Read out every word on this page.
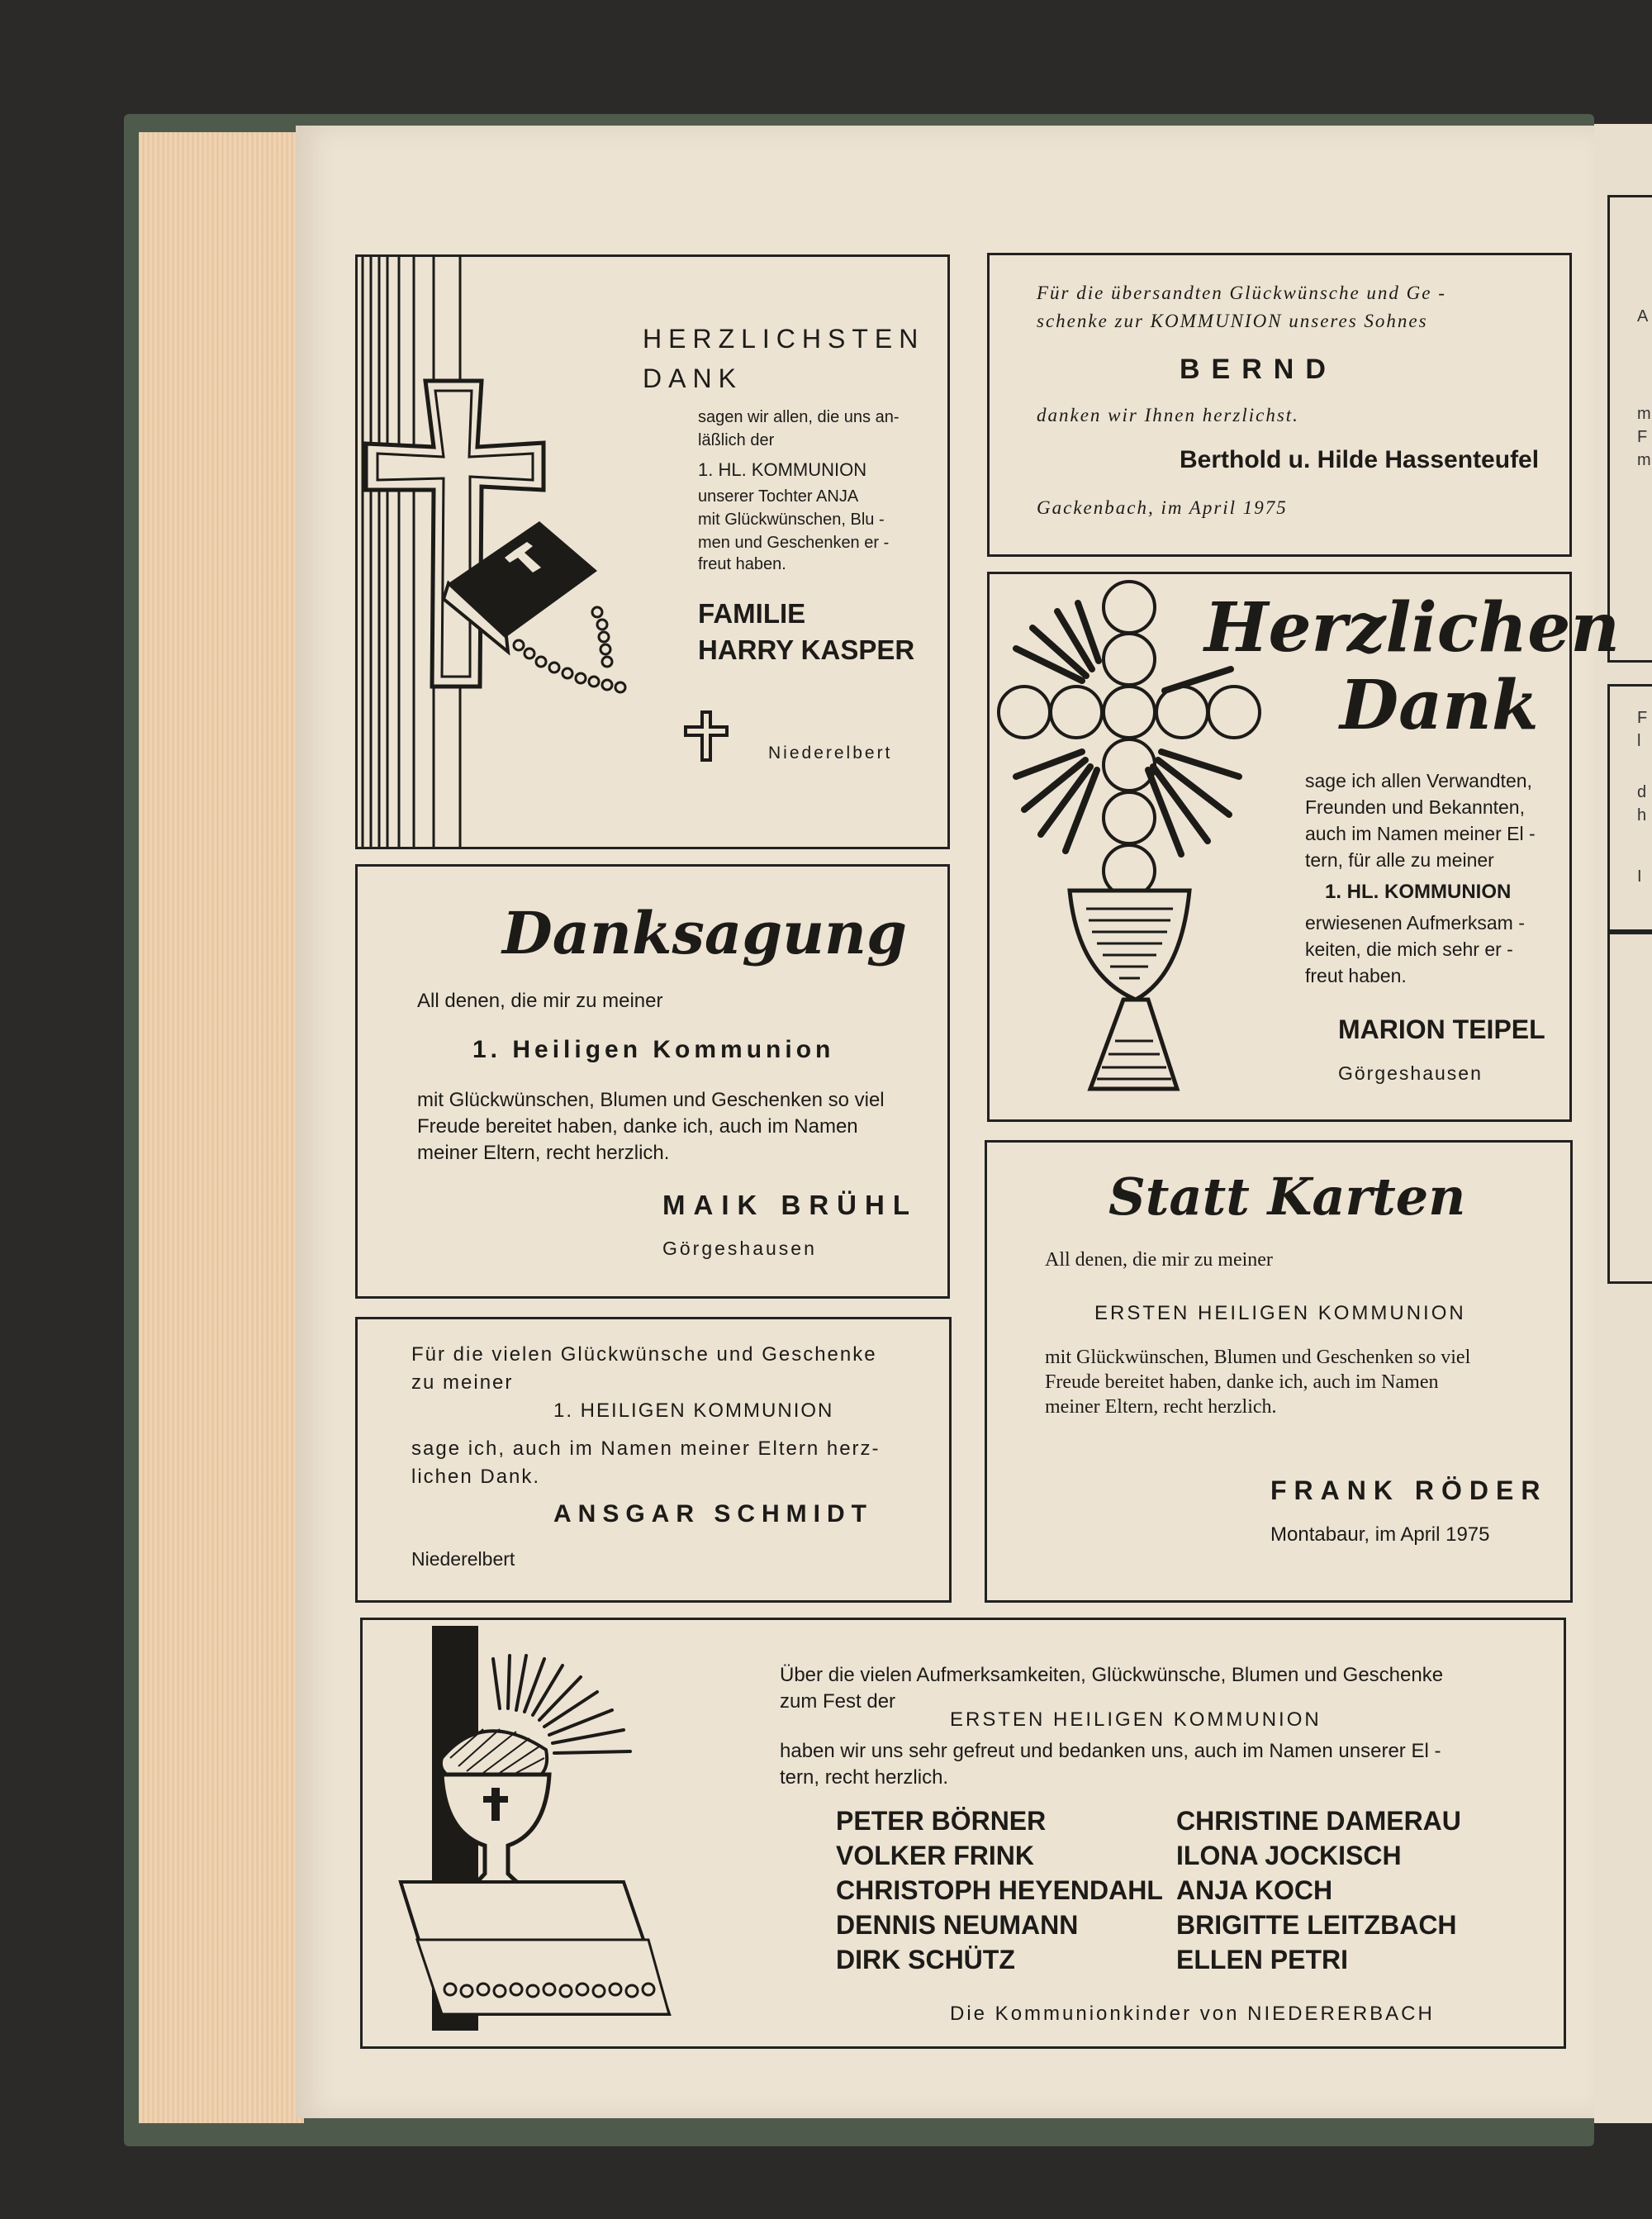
A
m
F
m
F
l
d
h
I
HERZLICHSTEN
DANK
sagen wir allen, die uns an-
läßlich der
1. HL. KOMMUNION
unserer Tochter ANJA
mit Glückwünschen, Blu -
men und Geschenken er -
freut haben.
FAMILIE
HARRY KASPER
Niederelbert
Für die übersandten Glückwünsche und Ge -
schenke zur KOMMUNION unseres Sohnes
BERND
danken wir Ihnen herzlichst.
Berthold u. Hilde Hassenteufel
Gackenbach, im April 1975
Herzlichen
Dank
sage ich allen Verwandten,
Freunden und Bekannten,
auch im Namen meiner El -
tern, für alle zu meiner
1. HL. KOMMUNION
erwiesenen Aufmerksam -
keiten, die mich sehr er -
freut haben.
MARION TEIPEL
Görgeshausen
Danksagung
All denen, die mir zu meiner
1. Heiligen Kommunion
mit Glückwünschen, Blumen und Geschenken so viel
Freude bereitet haben, danke ich, auch im Namen
meiner Eltern, recht herzlich.
MAIK BRÜHL
Görgeshausen
Statt Karten
All denen, die mir zu meiner
ERSTEN HEILIGEN KOMMUNION
mit Glückwünschen, Blumen und Geschenken so viel
Freude bereitet haben, danke ich, auch im Namen
meiner Eltern, recht herzlich.
FRANK RÖDER
Montabaur, im April 1975
Für die vielen Glückwünsche und Geschenke
zu meiner
1. HEILIGEN KOMMUNION
sage ich, auch im Namen meiner Eltern herz-
lichen Dank.
ANSGAR SCHMIDT
Niederelbert
Über die vielen Aufmerksamkeiten, Glückwünsche, Blumen und Geschenke
zum Fest der
ERSTEN HEILIGEN KOMMUNION
haben wir uns sehr gefreut und bedanken uns, auch im Namen unserer El -
tern, recht herzlich.
PETER BÖRNER
VOLKER FRINK
CHRISTOPH HEYENDAHL
DENNIS NEUMANN
DIRK SCHÜTZ
CHRISTINE DAMERAU
ILONA JOCKISCH
ANJA KOCH
BRIGITTE LEITZBACH
ELLEN PETRI
Die Kommunionkinder von NIEDERERBACH
